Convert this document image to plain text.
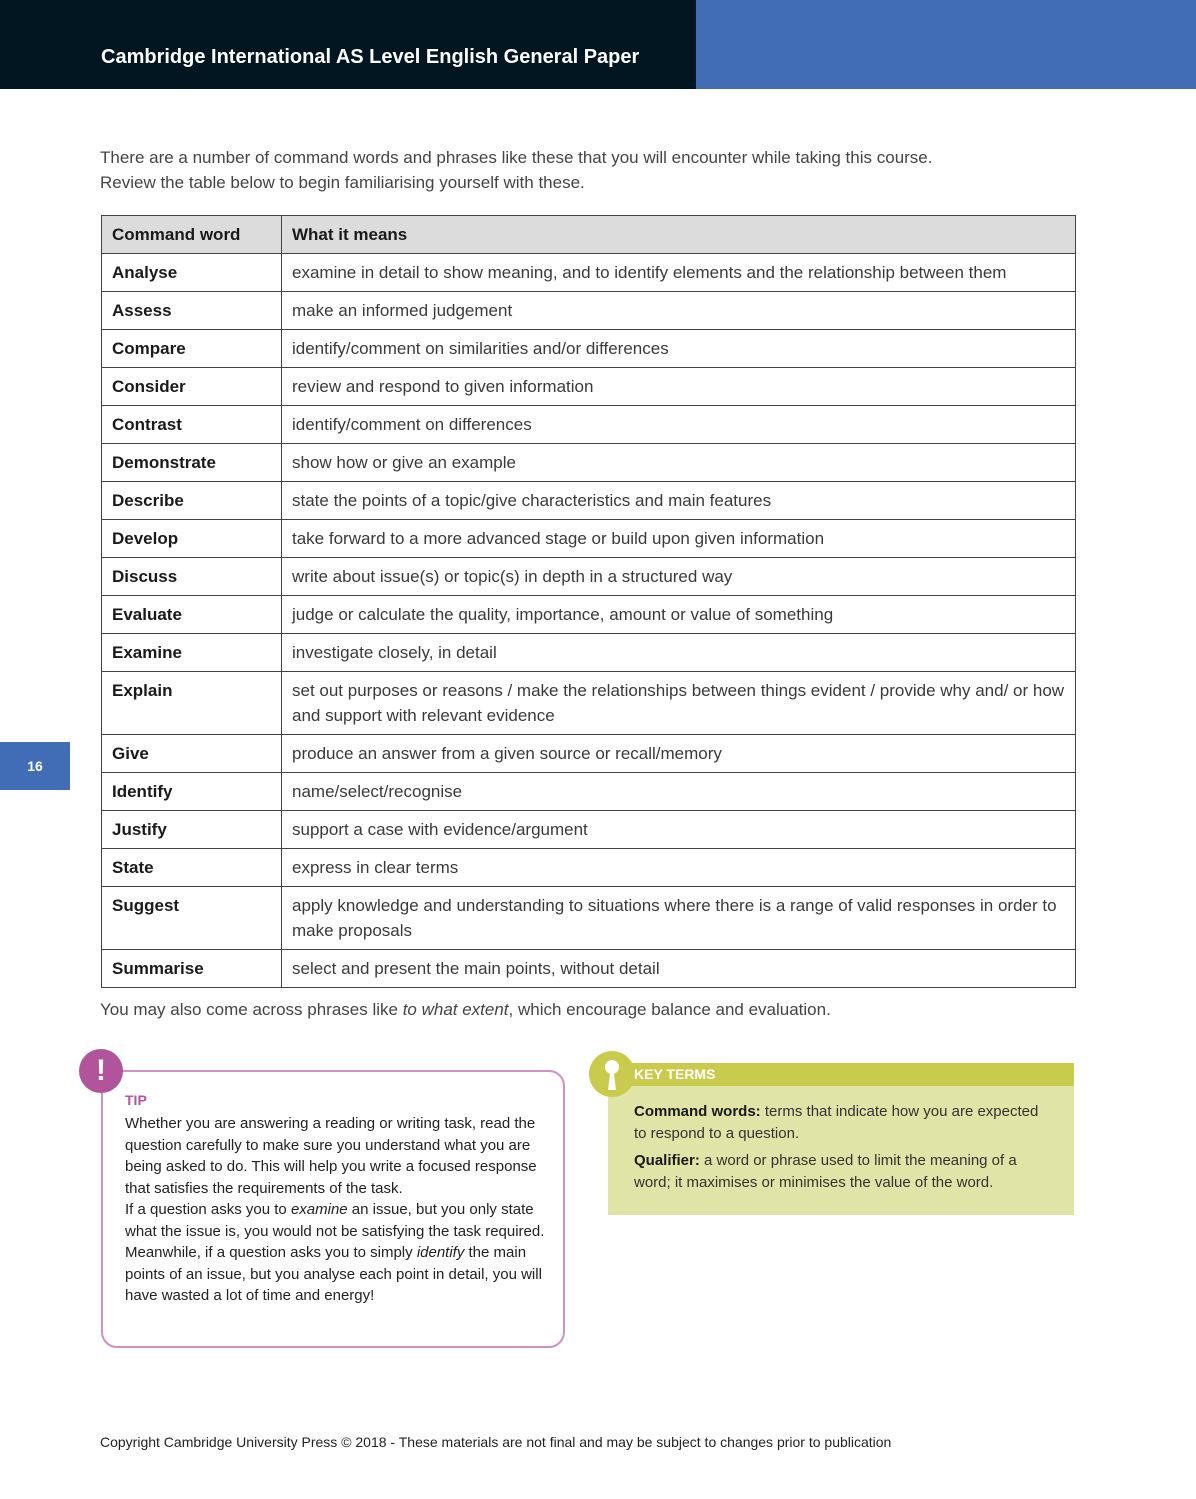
Cambridge International AS Level English General Paper

There are a number of command words and phrases like these that you will encounter while taking this course.

Review the table below to begin familiarising yourself with these.

Command word	What it means
Analyse	examine in detail to show meaning, and to identify elements and the relationship between them
Assess	make an informed judgement
Compare	identify/comment on similarities and/or differences
Consider	review and respond to given information
Contrast	identify/comment on differences
Demonstrate	show how or give an example
Describe	state the points of a topic/give characteristics and main features
Develop	take forward to a more advanced stage or build upon given information
Discuss	write about issue(s) or topic(s) in depth in a structured way
Evaluate	judge or calculate the quality, importance, amount or value of something
Examine	investigate closely, in detail
Explain	set out purposes or reasons / make the relationships between things evident / provide why and/ or how and support with relevant evidence
Give	produce an answer from a given source or recall/memory
Identify	name/select/recognise
Justify	support a case with evidence/argument
State	express in clear terms
Suggest	apply knowledge and understanding to situations where there is a range of valid responses in order to make proposals
Summarise	select and present the main points, without detail
16

You may also come across phrases like to what extent, which encourage balance and evaluation.

!
TIP

Whether you are answering a reading or writing task, read the question carefully to make sure you understand what you are being asked to do. This will help you write a focused response that satisfies the requirements of the task.

If a question asks you to examine an issue, but you only state what the issue is, you would not be satisfying the task required. Meanwhile, if a question asks you to simply identify the main points of an issue, but you analyse each point in detail, you will have wasted a lot of time and energy!

KEY TERMS

Command words: terms that indicate how you are expected to respond to a question.

Qualifier: a word or phrase used to limit the meaning of a word; it maximises or minimises the value of the word.

Copyright Cambridge University Press © 2018 - These materials are not final and may be subject to changes prior to publication
